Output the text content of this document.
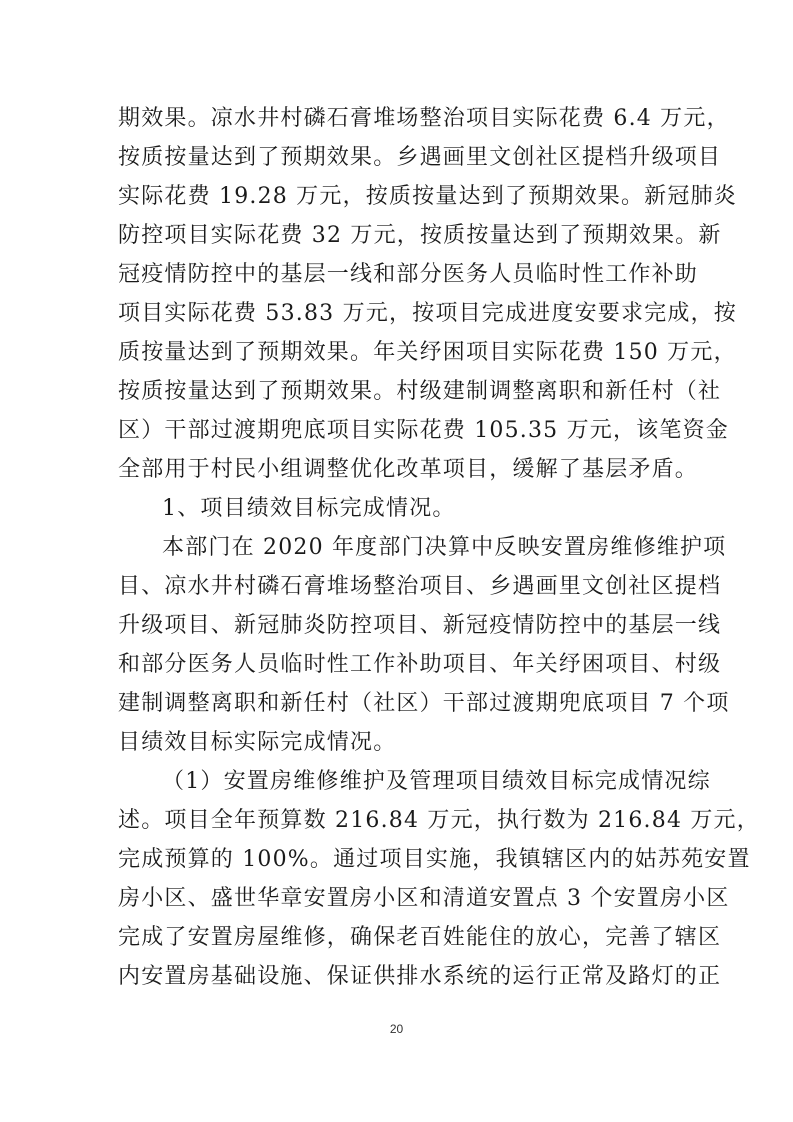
期效果。凉水井村磷石膏堆场整治项目实际花费 6.4 万元，
按质按量达到了预期效果。乡遇画里文创社区提档升级项目
实际花费 19.28 万元，按质按量达到了预期效果。新冠肺炎
防控项目实际花费 32 万元，按质按量达到了预期效果。新
冠疫情防控中的基层一线和部分医务人员临时性工作补助
项目实际花费 53.83 万元，按项目完成进度安要求完成，按
质按量达到了预期效果。年关纾困项目实际花费 150 万元，
按质按量达到了预期效果。村级建制调整离职和新任村（社
区）干部过渡期兜底项目实际花费 105.35 万元，该笔资金
全部用于村民小组调整优化改革项目，缓解了基层矛盾。
1、项目绩效目标完成情况。
本部门在 2020 年度部门决算中反映安置房维修维护项
目、凉水井村磷石膏堆场整治项目、乡遇画里文创社区提档
升级项目、新冠肺炎防控项目、新冠疫情防控中的基层一线
和部分医务人员临时性工作补助项目、年关纾困项目、村级
建制调整离职和新任村（社区）干部过渡期兜底项目 7 个项
目绩效目标实际完成情况。
（1）安置房维修维护及管理项目绩效目标完成情况综
述。项目全年预算数 216.84 万元，执行数为 216.84 万元，
完成预算的 100%。通过项目实施，我镇辖区内的姑苏苑安置
房小区、盛世华章安置房小区和清道安置点 3 个安置房小区
完成了安置房屋维修，确保老百姓能住的放心，完善了辖区
内安置房基础设施、保证供排水系统的运行正常及路灯的正
20
